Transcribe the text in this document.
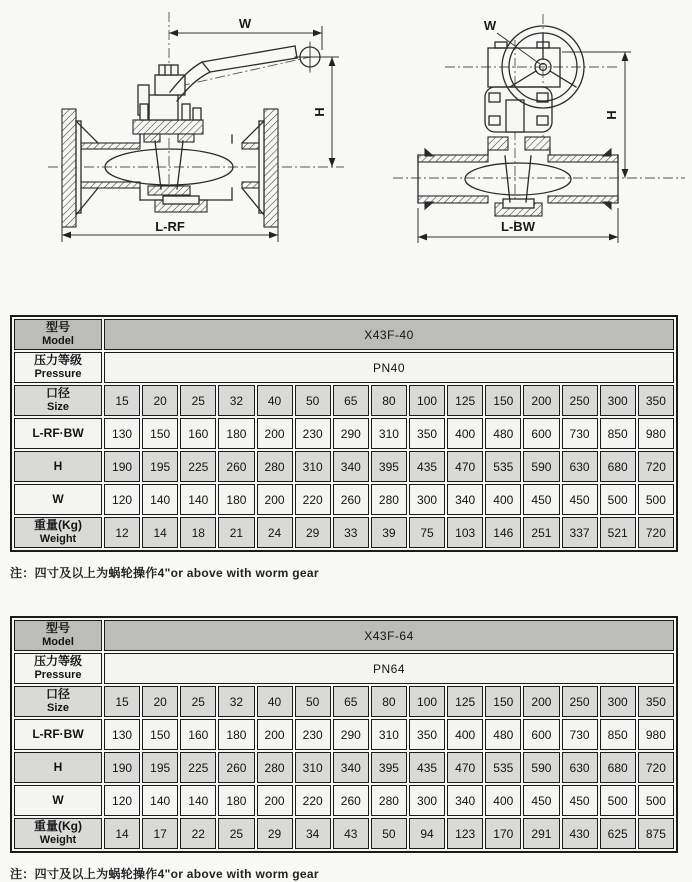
W
H
L-RF
W
H
L-BW
型号
Model	X43F-40														

压力等级
Pressure	PN40														

口径
Size	15	20	25	32	40	50	65	80	100	125	150	200	250	300	350
L-RF·BW	130	150	160	180	200	230	290	310	350	400	480	600	730	850	980
H	190	195	225	260	280	310	340	395	435	470	535	590	630	680	720
W	120	140	140	180	200	220	260	280	300	340	400	450	450	500	500

重量(Kg)
Weight	12	14	18	21	24	29	33	39	75	103	146	251	337	521	720
注：四寸及以上为蜗轮操作4"or above with worm gear
型号
Model	X43F-64														

压力等级
Pressure	PN64														

口径
Size	15	20	25	32	40	50	65	80	100	125	150	200	250	300	350
L-RF·BW	130	150	160	180	200	230	290	310	350	400	480	600	730	850	980
H	190	195	225	260	280	310	340	395	435	470	535	590	630	680	720
W	120	140	140	180	200	220	260	280	300	340	400	450	450	500	500

重量(Kg)
Weight	14	17	22	25	29	34	43	50	94	123	170	291	430	625	875
注：四寸及以上为蜗轮操作4"or above with worm gear
